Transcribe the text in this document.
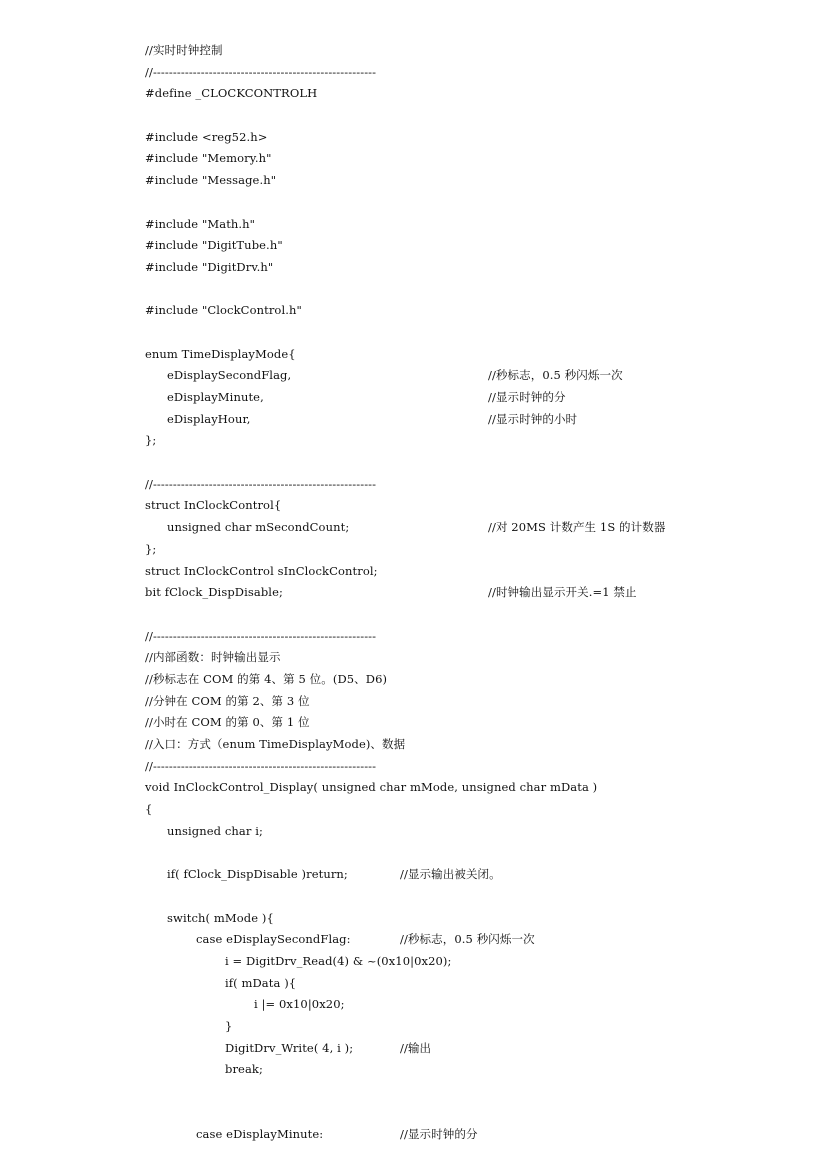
//实时时钟控制
//--------------------------------------------------------
#define _CLOCKCONTROLH
#include <reg52.h>
#include "Memory.h"
#include "Message.h"
#include "Math.h"
#include "DigitTube.h"
#include "DigitDrv.h"
#include "ClockControl.h"
enum TimeDisplayMode{
eDisplaySecondFlag,	//秒标志，0.5 秒闪烁一次
eDisplayMinute,	//显示时钟的分
eDisplayHour,	//显示时钟的小时
};
//--------------------------------------------------------
struct InClockControl{
unsigned char mSecondCount;	//对 20MS 计数产生 1S 的计数器
};
struct InClockControl sInClockControl;
bit fClock_DispDisable;	//时钟输出显示开关.=1 禁止
//--------------------------------------------------------
//内部函数：时钟输出显示
//秒标志在 COM 的第 4、第 5 位。(D5、D6)
//分钟在 COM 的第 2、第 3 位
//小时在 COM 的第 0、第 1 位
//入口：方式（enum TimeDisplayMode)、数据
//--------------------------------------------------------
void InClockControl_Display( unsigned char mMode, unsigned char mData )
{
unsigned char i;
if( fClock_DispDisable )return;	//显示输出被关闭。
switch( mMode ){
case eDisplaySecondFlag:	//秒标志，0.5 秒闪烁一次
i = DigitDrv_Read(4) & ~(0x10|0x20);
if( mData ){
i |= 0x10|0x20;
}
DigitDrv_Write( 4, i );	//输出
break;
case eDisplayMinute:	//显示时钟的分
